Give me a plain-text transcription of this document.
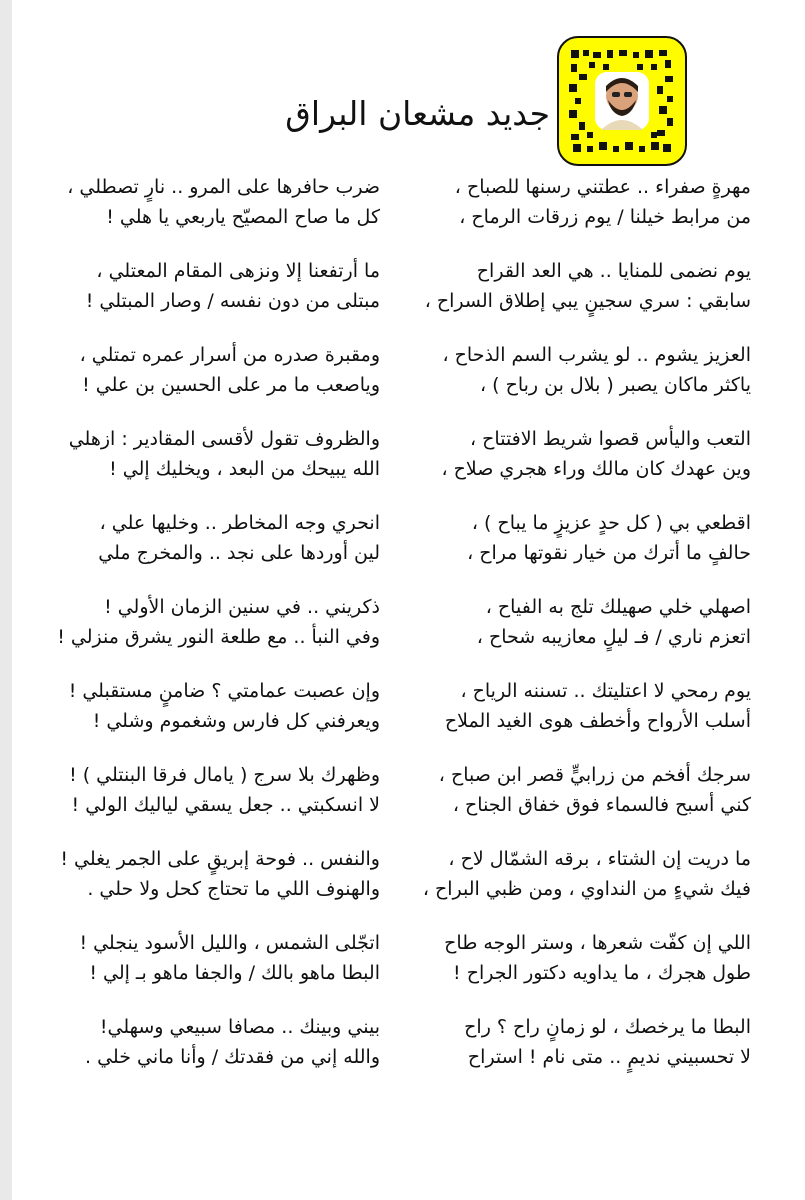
جديد مشعان البراق
مهرةٍ صفراء .. عطتني رسنها للصباح ،
من مرابط خيلنا / يوم زرقات الرماح ،
يوم نضمى للمنايا .. هي العد القراح
سابقي : سري سجينٍ يبي إطلاق السراح ،
العزيز يشوم .. لو يشرب السم الذحاح ،
ياكثر ماكان يصبر ( بلال بن رباح ) ،
التعب واليأس قصوا شريط الافتتاح ،
وين عهدك كان مالك وراء هجري صلاح ،
اقطعي بي ( كل حدٍ عزيزٍ ما يباح ) ،
حالفٍ ما أترك من خيار نقوتها مراح ،
اصهلي خلي صهيلك تلج به الفياح ،
اتعزم ناري / فـ ليلٍ معازيبه شحاح ،
يوم رمحي لا اعتليتك .. تسننه الرياح ،
أسلب الأرواح وأخطف هوى الغيد الملاح
سرجك أفخم من زرابيٍّ قصر ابن صباح ،
كني أسبح فالسماء فوق خفاق الجناح ،
ما دريت إن الشتاء ، برقه الشمّال لاح ،
فيك شيءٍ من النداوي ، ومن ظبي البراح ،
اللي إن كفّت شعرها ، وستر الوجه طاح
طول هجرك ، ما يداويه دكتور الجراح !
البطا ما يرخصك ، لو زمانٍ راح ؟ راح
لا تحسبيني نديمٍ .. متى نام ! استراح
ضرب حافرها على المرو .. نارٍ تصطلي ،
كل ما صاح المصيّح ياربعي يا هلي !
ما أرتفعنا إلا ونزهى المقام المعتلي ،
مبتلى من دون نفسه / وصار المبتلي !
ومقبرة صدره من أسرار عمره تمتلي ،
وياصعب ما مر على الحسين بن علي !
والظروف تقول لأقسى المقادير : ازهلي
الله يبيحك من البعد ، ويخليك إلي !
انحري وجه المخاطر .. وخليها علي ،
لين أوردها على نجد .. والمخرج ملي
ذكريني .. في سنين الزمان الأولي !
وفي النبأ .. مع طلعة النور يشرق منزلي !
وإن عصبت عمامتي ؟ ضامنٍ مستقبلي !
ويعرفني كل فارس وشغموم وشلي !
وظهرك بلا سرج ( يامال فرقا البنتلي ) !
لا انسكبتي .. جعل يسقي لياليك الولي !
والنفس .. فوحة إبريقٍ على الجمر يغلي !
والهنوف اللي ما تحتاج كحل ولا حلي .
اتجّلى الشمس ، والليل الأسود ينجلي !
البطا ماهو بالك / والجفا ماهو بـ إلي !
بيني وبينك .. مصافا سبيعي وسهلي!
والله إني من فقدتك / وأنا ماني خلي .
